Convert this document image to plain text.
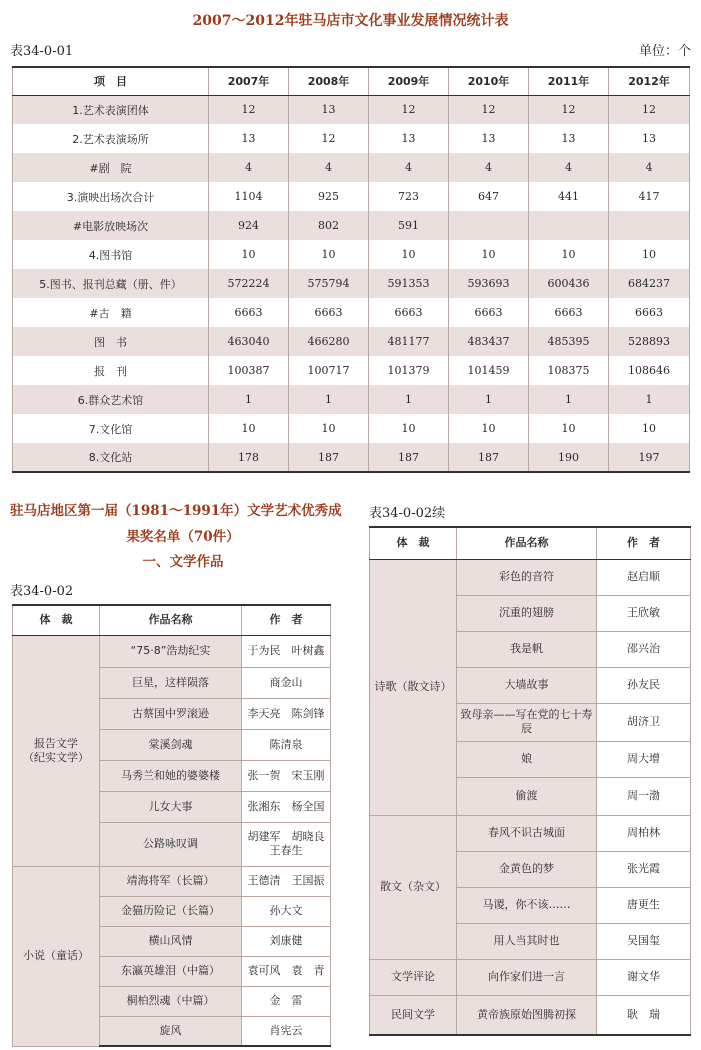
2007～2012年驻马店市文化事业发展情况统计表
表34-0-01	单位：个
项　目	2007年	2008年	2009年	2010年	2011年	2012年
1.艺术表演团体	12	13	12	12	12	12
2.艺术表演场所	13	12	13	13	13	13
#剧　院	4	4	4	4	4	4
3.演映出场次合计	1104	925	723	647	441	417
#电影放映场次	924	802	591			
4.图书馆	10	10	10	10	10	10
5.图书、报刊总藏（册、件）	572224	575794	591353	593693	600436	684237
#古　籍	6663	6663	6663	6663	6663	6663
图　书	463040	466280	481177	483437	485395	528893
报　刊	100387	100717	101379	101459	108375	108646
6.群众艺术馆	1	1	1	1	1	1
7.文化馆	10	10	10	10	10	10
8.文化站	178	187	187	187	190	197
驻马店地区第一届（1981～1991年）文学艺术优秀成
果奖名单（70件）
一、文学作品
表34-0-02
表34-0-02续
体　裁	作品名称	作　者
报告文学
（纪实文学）	“75·8”浩劫纪实	于为民　叶树鑫
	巨星，这样陨落	商金山
	古蔡国中罗滚逊	李天亮　陈剑锋
	棠溪剑魂	陈清泉
	马秀兰和她的婆婆楼	张一贺　宋玉刚
	儿女大事	张湘东　杨全国
	公路咏叹调	胡建军　胡晓良
王春生
小说（童话）	靖海将军（长篇）	王德清　王国振
	金猫历险记（长篇）	孙大文
	横山风情	刘康健
	东瀛英雄泪（中篇）	袁可风　袁　青
	桐柏烈魂（中篇）	金　雷
	旋风	肖宪云
体　裁	作品名称	作　者
诗歌（散文诗）	彩色的音符	赵启顺
	沉重的翅膀	王欣敏
	我是帆	邵兴治
	大墙故事	孙友民
	致母亲——写在党的七十寿辰	胡济卫
	娘	周大增
	偷渡	周一渤
散文（杂文）	春风不识古城面	周柏林
	金黄色的梦	张光霞
	马谡，你不该……	唐更生
	用人当其时也	吴国玺
文学评论	向作家们进一言	谢文华
民间文学	黄帝族原始图腾初探	耿　瑞
